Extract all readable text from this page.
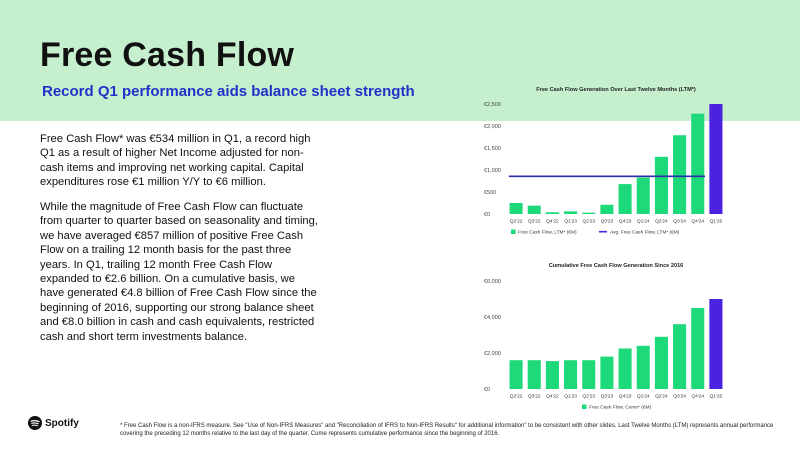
Free Cash Flow
Record Q1 performance aids balance sheet strength

Free Cash Flow* was €534 million in Q1, a record high Q1 as a result of higher Net Income adjusted for non-cash items and improving net working capital. Capital expenditures rose €1 million Y/Y to €6 million.

While the magnitude of Free Cash Flow can fluctuate from quarter to quarter based on seasonality and timing, we have averaged €857 million of positive Free Cash Flow on a trailing 12 month basis for the past three years. In Q1, trailing 12 month Free Cash Flow expanded to €2.6 billion. On a cumulative basis, we have generated €4.8 billion of Free Cash Flow since the beginning of 2016, supporting our strong balance sheet and €8.0 billion in cash and cash equivalents, restricted cash and short term investments balance.

Free Cash Flow Generation Over Last Twelve Months (LTM*)
€0
€500
€1,000
€1,500
€2,000
€2,500
Q2'22 Q3'22 Q4'22 Q1'23 Q2'23 Q3'23 Q4'23 Q1'24 Q2'24 Q3'24 Q4'24 Q1'25
Free Cash Flow, LTM* (€M)	Avg. Free Cash Flow, LTM* (€M)
Cumulative Free Cash Flow Generation Since 2016
€0
€2,000
€4,000
€6,000
Q2'22 Q3'22 Q4'22 Q1'23 Q2'23 Q3'23 Q4'23 Q1'24 Q2'24 Q3'24 Q4'24 Q1'25
Free Cash Flow, Cume* (€M)
Spotify	* Free Cash Flow is a non-IFRS measure. See "Use of Non-IFRS Measures" and "Reconciliation of IFRS to Non-IFRS Results" for additional information" to be consistent with other slides. Last Twelve Months (LTM) represents annual performance covering the preceding 12 months relative to the last day of the quarter. Cume represents cumulative performance since the beginning of 2016.
